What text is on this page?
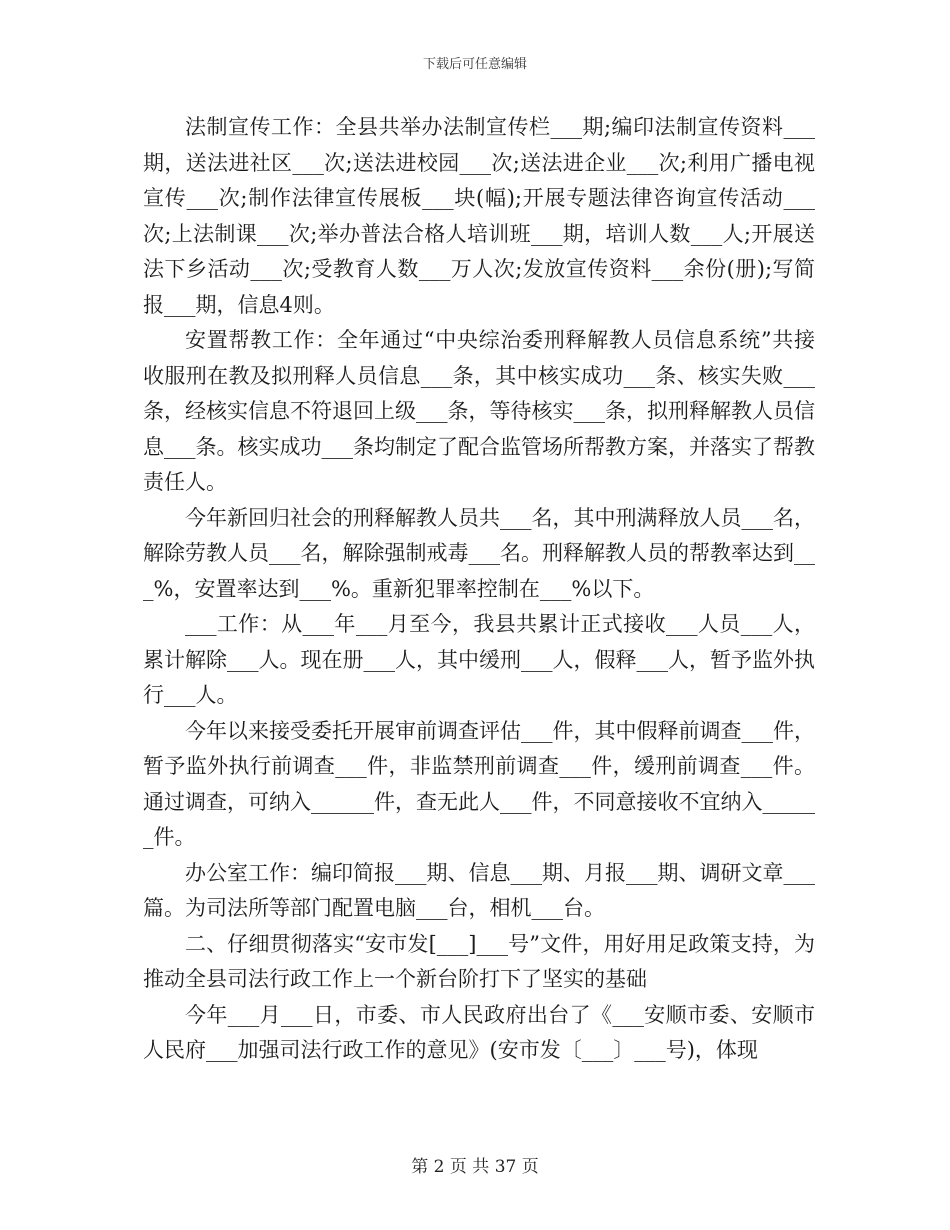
下载后可任意编辑

法制宣传工作：全县共举办法制宣传栏___期;编印法制宣传资料___期，送法进社区___次;送法进校园___次;送法进企业___次;利用广播电视宣传___次;制作法律宣传展板___块(幅);开展专题法律咨询宣传活动___次;上法制课___次;举办普法合格人培训班___期，培训人数___人;开展送法下乡活动___次;受教育人数___万人次;发放宣传资料___余份(册);写简报___期，信息4则。

安置帮教工作：全年通过“中央综治委刑释解教人员信息系统”共接收服刑在教及拟刑释人员信息___条，其中核实成功___条、核实失败___条，经核实信息不符退回上级___条，等待核实___条，拟刑释解教人员信息___条。核实成功___条均制定了配合监管场所帮教方案，并落实了帮教责任人。

今年新回归社会的刑释解教人员共___名，其中刑满释放人员___名，解除劳教人员___名，解除强制戒毒___名。刑释解教人员的帮教率达到___%，安置率达到___%。重新犯罪率控制在___%以下。

___工作：从___年___月至今，我县共累计正式接收___人员___人，累计解除___人。现在册___人，其中缓刑___人，假释___人，暂予监外执行___人。

今年以来接受委托开展审前调查评估___件，其中假释前调查___件，暂予监外执行前调查___件，非监禁刑前调查___件，缓刑前调查___件。通过调查，可纳入______件，查无此人___件，不同意接收不宜纳入______件。

办公室工作：编印简报___期、信息___期、月报___期、调研文章___篇。为司法所等部门配置电脑___台，相机___台。

二、仔细贯彻落实“安市发[___]___号”文件，用好用足政策支持，为推动全县司法行政工作上一个新台阶打下了坚实的基础

今年___月___日，市委、市人民政府出台了《___安顺市委、安顺市人民府___加强司法行政工作的意见》(安市发〔___〕___号)，体现

第 2 页 共 37 页
